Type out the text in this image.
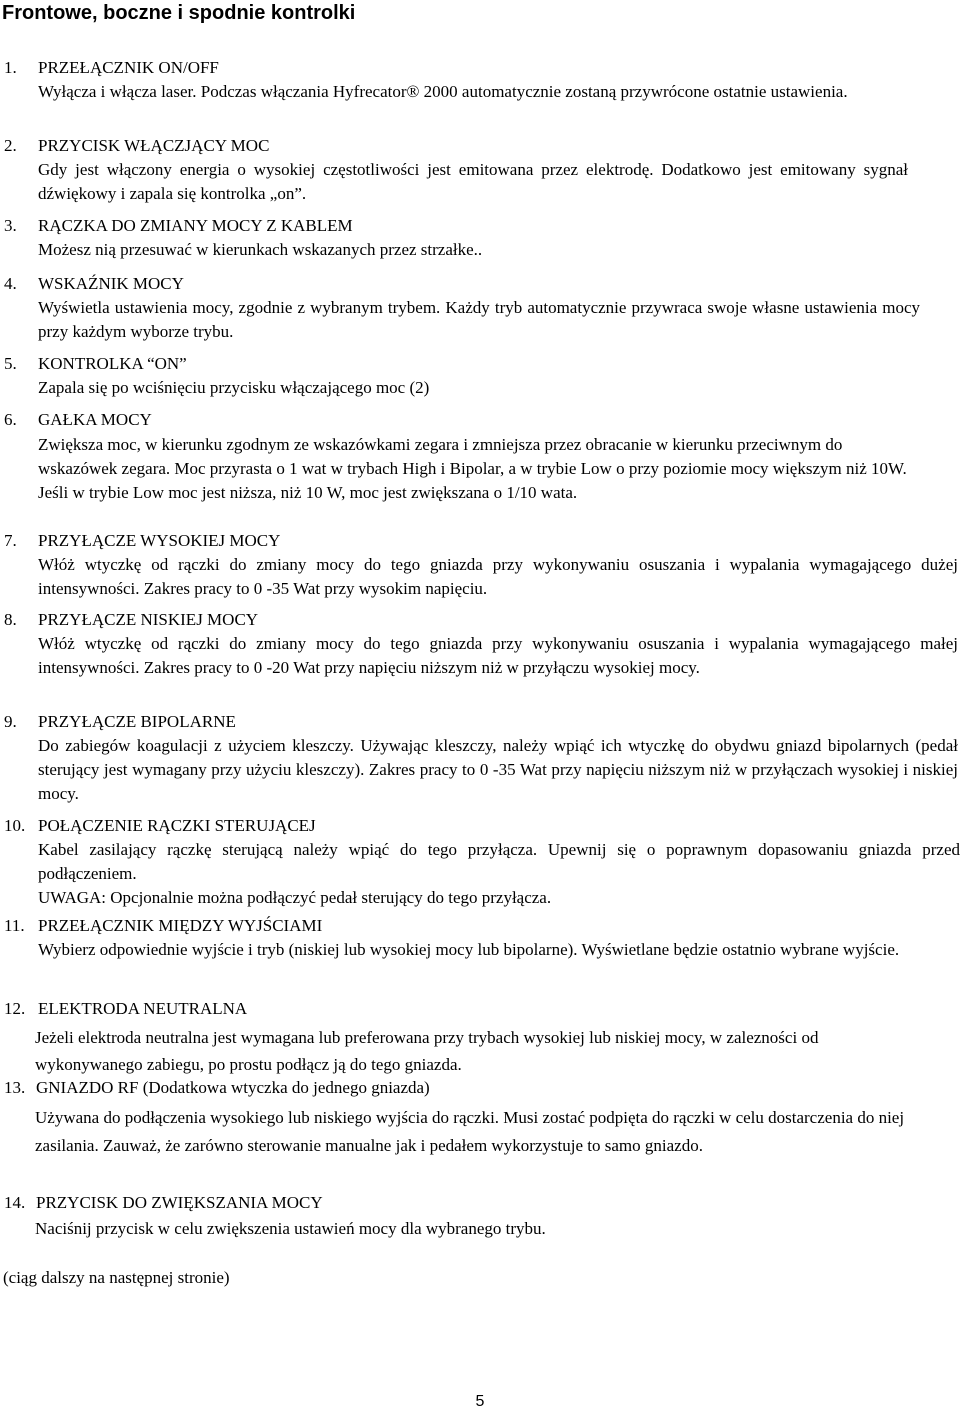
Frontowe, boczne i spodnie kontrolki
1. PRZEŁĄCZNIK ON/OFF

Wyłącza i włącza laser. Podczas włączania Hyfrecator® 2000 automatycznie zostaną przywrócone ostatnie ustawienia.

2. PRZYCISK WŁĄCZJĄCY MOC

Gdy jest włączony energia o wysokiej częstotliwości jest emitowana przez elektrodę. Dodatkowo jest emitowany sygnał dźwiękowy i zapala się kontrolka „on”.

3. RĄCZKA DO ZMIANY MOCY Z KABLEM

Możesz nią przesuwać w kierunkach wskazanych przez strzałke..

4. WSKAŹNIK MOCY

Wyświetla ustawienia mocy, zgodnie z wybranym trybem. Każdy tryb automatycznie przywraca swoje własne ustawienia mocy przy każdym wyborze trybu.

5. KONTROLKA “ON”

Zapala się po wciśnięciu przycisku włączającego moc (2)

6. GAŁKA MOCY

Zwiększa moc, w kierunku zgodnym ze wskazówkami zegara i zmniejsza przez obracanie w kierunku przeciwnym do wskazówek zegara. Moc przyrasta o 1 wat w trybach High i Bipolar, a w trybie Low o przy poziomie mocy większym niż 10W. Jeśli w trybie Low moc jest niższa, niż 10 W, moc jest zwiększana o 1/10 wata.

7. PRZYŁĄCZE WYSOKIEJ MOCY

Włóż wtyczkę od rączki do zmiany mocy do tego gniazda przy wykonywaniu osuszania i wypalania wymagającego dużej intensywności. Zakres pracy to 0 -35 Wat przy wysokim napięciu.

8. PRZYŁĄCZE NISKIEJ MOCY

Włóż wtyczkę od rączki do zmiany mocy do tego gniazda przy wykonywaniu osuszania i wypalania wymagającego małej intensywności. Zakres pracy to 0 -20 Wat przy napięciu niższym niż w przyłączu wysokiej mocy.

9. PRZYŁĄCZE BIPOLARNE

Do zabiegów koagulacji z użyciem kleszczy. Używając kleszczy, należy wpiąć ich wtyczkę do obydwu gniazd bipolarnych (pedał sterujący jest wymagany przy użyciu kleszczy). Zakres pracy to 0 -35 Wat przy napięciu niższym niż w przyłączach wysokiej i niskiej mocy.

10. POŁĄCZENIE RĄCZKI STERUJĄCEJ

Kabel zasilający rączkę sterującą należy wpiąć do tego przyłącza. Upewnij się o poprawnym dopasowaniu gniazda przed podłączeniem.

UWAGA: Opcjonalnie można podłączyć pedał sterujący do tego przyłącza.

11. PRZEŁĄCZNIK MIĘDZY WYJŚCIAMI

Wybierz odpowiednie wyjście i tryb (niskiej lub wysokiej mocy lub bipolarne). Wyświetlane będzie ostatnio wybrane wyjście.

12. ELEKTRODA NEUTRALNA

Jeżeli elektroda neutralna jest wymagana lub preferowana przy trybach wysokiej lub niskiej mocy, w zalezności od wykonywanego zabiegu, po prostu podłącz ją do tego gniazda.

13. GNIAZDO RF (Dodatkowa wtyczka do jednego gniazda)

Używana do podłączenia wysokiego lub niskiego wyjścia do rączki. Musi zostać podpięta do rączki w celu dostarczenia do niej zasilania. Zauważ, że zarówno sterowanie manualne jak i pedałem wykorzystuje to samo gniazdo.

14. PRZYCISK DO ZWIĘKSZANIA MOCY

Naciśnij przycisk w celu zwiększenia ustawień mocy dla wybranego trybu.

(ciąg dalszy na następnej stronie)
5
